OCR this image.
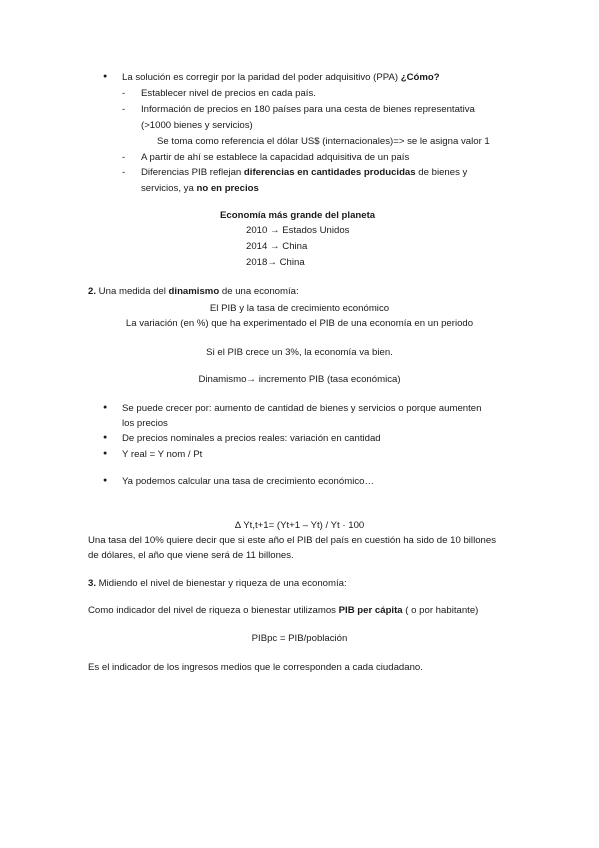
● La solución es corregir por la paridad del poder adquisitivo (PPA) ¿Cómo?
- Establecer nivel de precios en cada país.
- Información de precios en 180 países para una cesta de bienes representativa
(>1000 bienes y servicios)
Se toma como referencia el dólar US$ (internacionales)=> se le asigna valor 1
- A partir de ahí se establece la capacidad adquisitiva de un país
- Diferencias PIB reflejan diferencias en cantidades producidas de bienes y
servicios, ya no en precios
Economía más grande del planeta
2010 → Estados Unidos
2014 → China
2018→ China
2. Una medida del dinamismo de una economía:
El PIB y la tasa de crecimiento económico
La variación (en %) que ha experimentado el PIB de una economía en un periodo
Si el PIB crece un 3%, la economía va bien.
Dinamismo→ incremento PIB (tasa económica)
● Se puede crecer por: aumento de cantidad de bienes y servicios o porque aumenten
los precios
● De precios nominales a precios reales: variación en cantidad
● Y real = Y nom / Pt
● Ya podemos calcular una tasa de crecimiento económico…
Δ Yt,t+1= (Yt+1 – Yt) / Yt · 100
Una tasa del 10% quiere decir que si este año el PIB del país en cuestión ha sido de 10 billones
de dólares, el año que viene será de 11 billones.
3. Midiendo el nivel de bienestar y riqueza de una economía:
Como indicador del nivel de riqueza o bienestar utilizamos PIB per cápita ( o por habitante)
PIBpc = PIB/población
Es el indicador de los ingresos medios que le corresponden a cada ciudadano.
